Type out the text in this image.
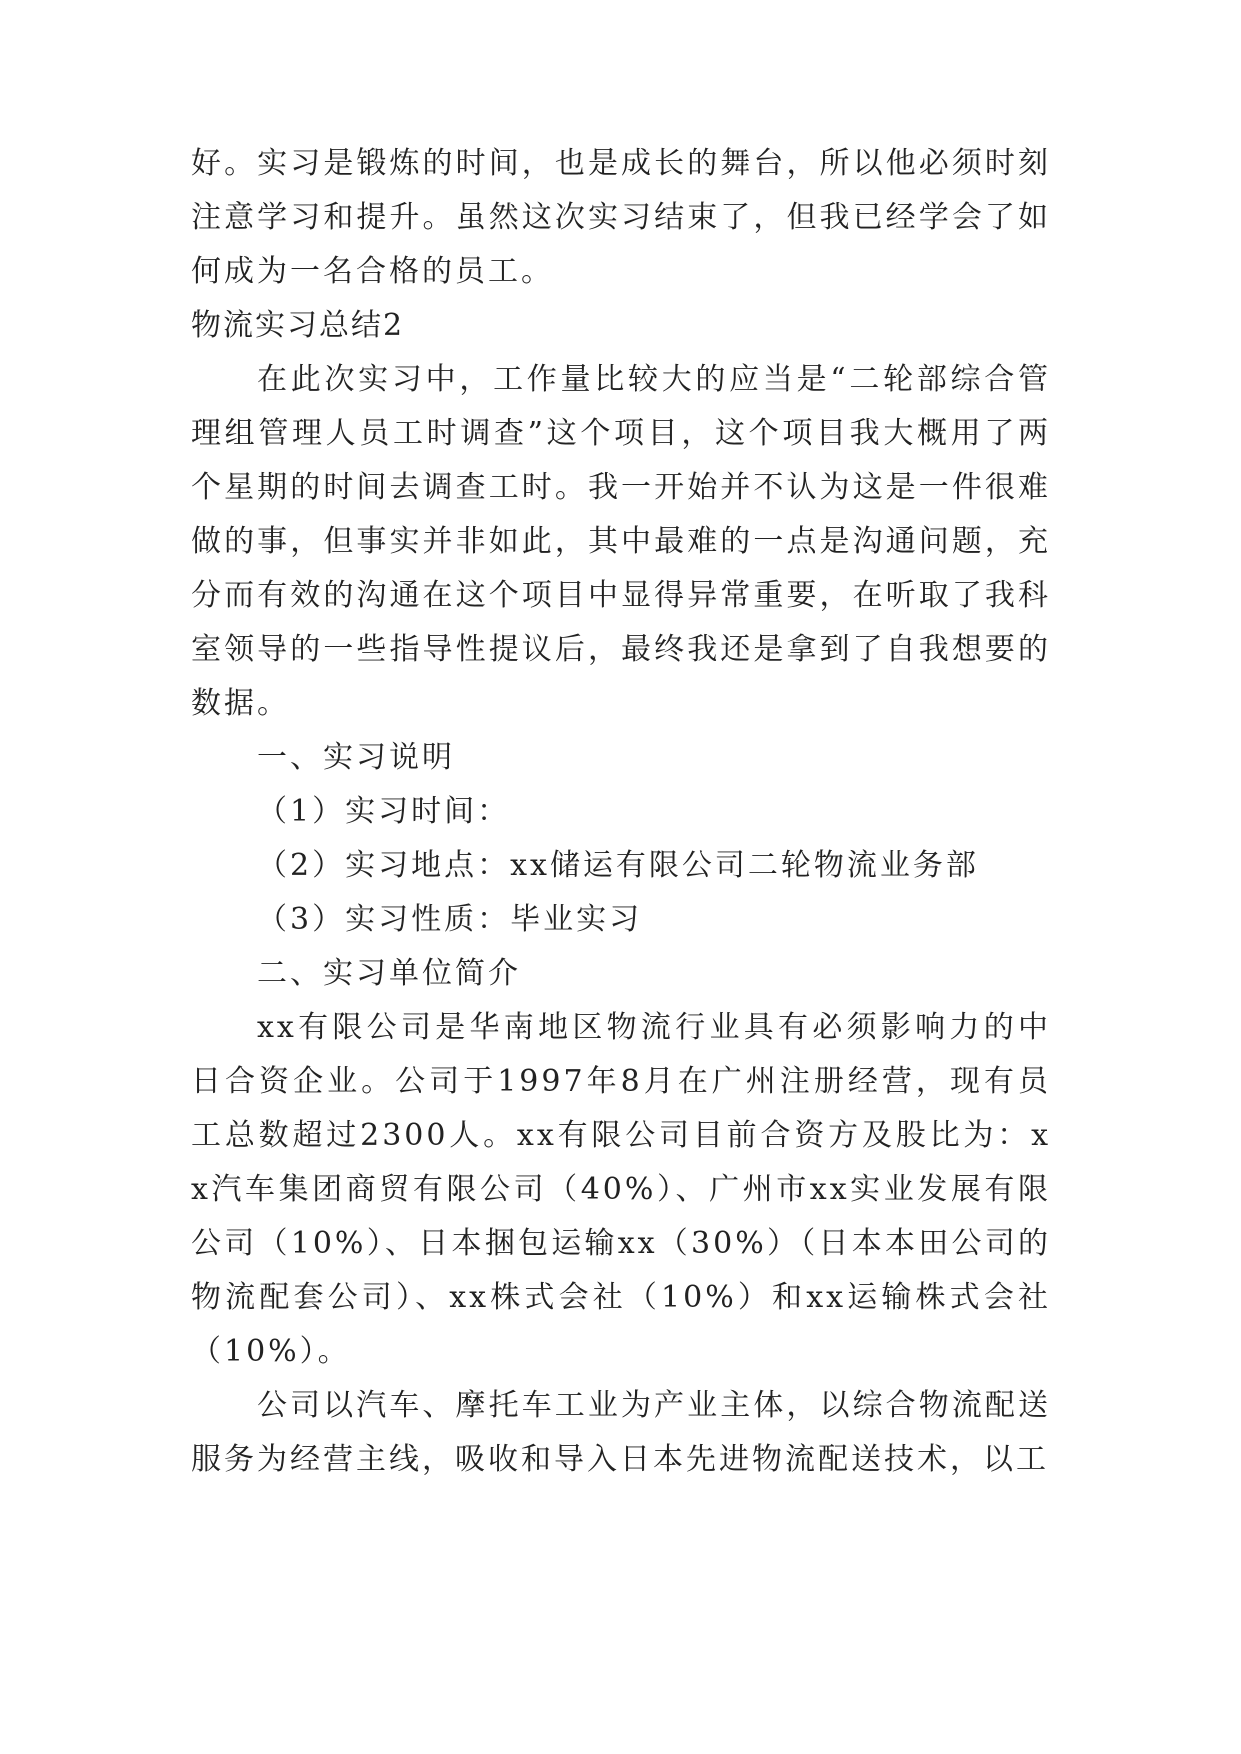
好。实习是锻炼的时间，也是成长的舞台，所以他必须时刻注意学习和提升。虽然这次实习结束了，但我已经学会了如何成为一名合格的员工。

物流实习总结2

在此次实习中，工作量比较大的应当是“二轮部综合管理组管理人员工时调查”这个项目，这个项目我大概用了两个星期的时间去调查工时。我一开始并不认为这是一件很难做的事，但事实并非如此，其中最难的一点是沟通问题，充分而有效的沟通在这个项目中显得异常重要，在听取了我科室领导的一些指导性提议后，最终我还是拿到了自我想要的数据。

一、实习说明

（1）实习时间：

（2）实习地点：xx储运有限公司二轮物流业务部

（3）实习性质：毕业实习

二、实习单位简介

xx有限公司是华南地区物流行业具有必须影响力的中日合资企业。公司于1997年8月在广州注册经营，现有员工总数超过2300人。xx有限公司目前合资方及股比为：xx汽车集团商贸有限公司（40%）、广州市xx实业发展有限公司（10%）、日本捆包运输xx（30%）（日本本田公司的物流配套公司）、xx株式会社（10%）和xx运输株式会社（10%）。

公司以汽车、摩托车工业为产业主体，以综合物流配送服务为经营主线，吸收和导入日本先进物流配送技术，以工
